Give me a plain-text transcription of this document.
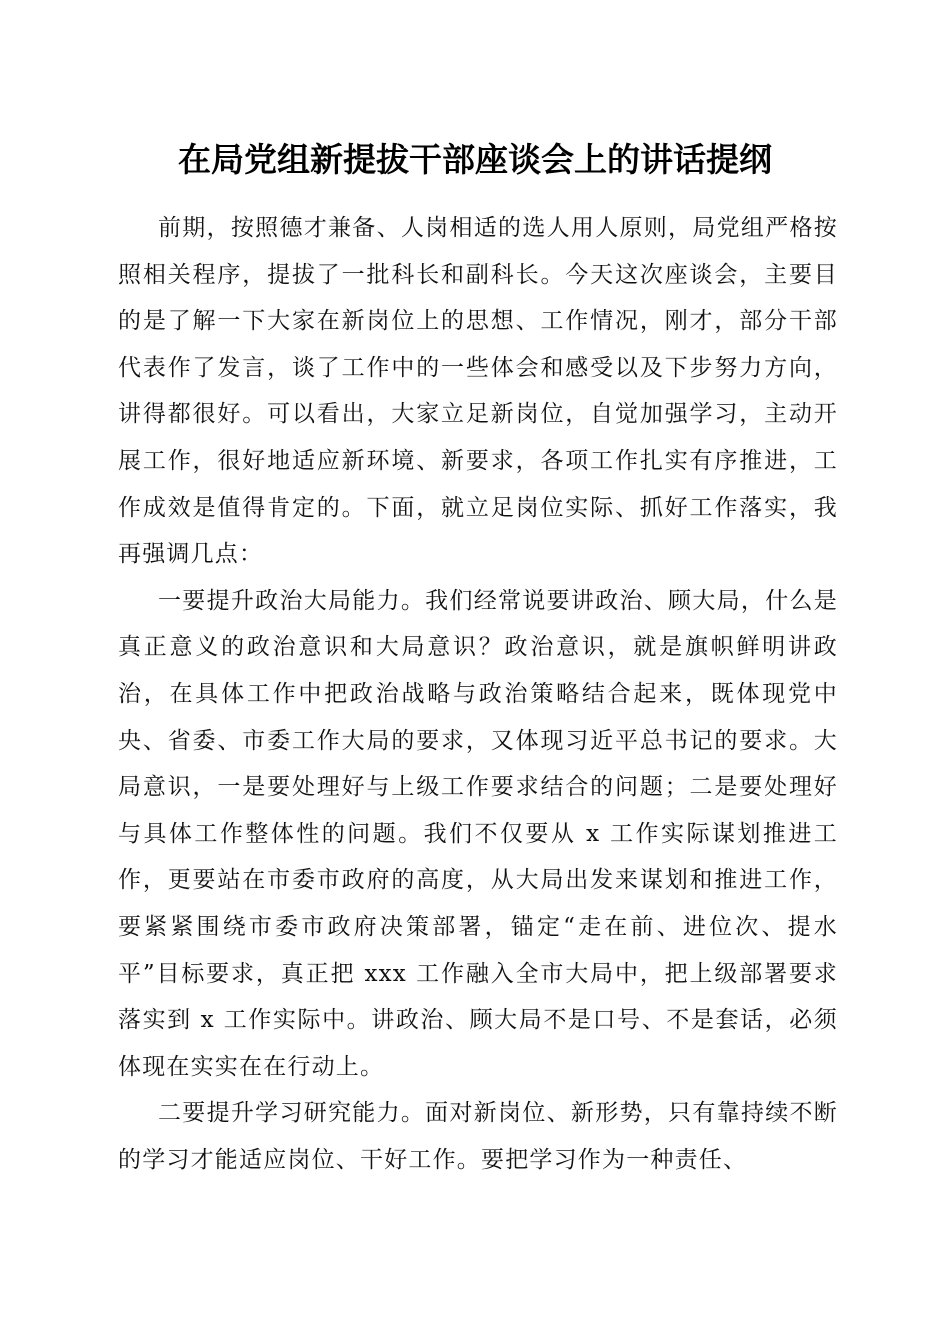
在局党组新提拔干部座谈会上的讲话提纲

前期，按照德才兼备、人岗相适的选人用人原则，局党组严格按照相关程序，提拔了一批科长和副科长。今天这次座谈会，主要目的是了解一下大家在新岗位上的思想、工作情况，刚才，部分干部代表作了发言，谈了工作中的一些体会和感受以及下步努力方向，讲得都很好。可以看出，大家立足新岗位，自觉加强学习，主动开展工作，很好地适应新环境、新要求，各项工作扎实有序推进，工作成效是值得肯定的。下面，就立足岗位实际、抓好工作落实，我再强调几点：

一要提升政治大局能力。我们经常说要讲政治、顾大局，什么是真正意义的政治意识和大局意识？政治意识，就是旗帜鲜明讲政治，在具体工作中把政治战略与政治策略结合起来，既体现党中央、省委、市委工作大局的要求，又体现习近平总书记的要求。大局意识，一是要处理好与上级工作要求结合的问题；二是要处理好与具体工作整体性的问题。我们不仅要从 x 工作实际谋划推进工作，更要站在市委市政府的高度，从大局出发来谋划和推进工作，要紧紧围绕市委市政府决策部署，锚定“走在前、进位次、提水平”目标要求，真正把 xxx 工作融入全市大局中，把上级部署要求落实到 x 工作实际中。讲政治、顾大局不是口号、不是套话，必须体现在实实在在行动上。

二要提升学习研究能力。面对新岗位、新形势，只有靠持续不断的学习才能适应岗位、干好工作。要把学习作为一种责任、
